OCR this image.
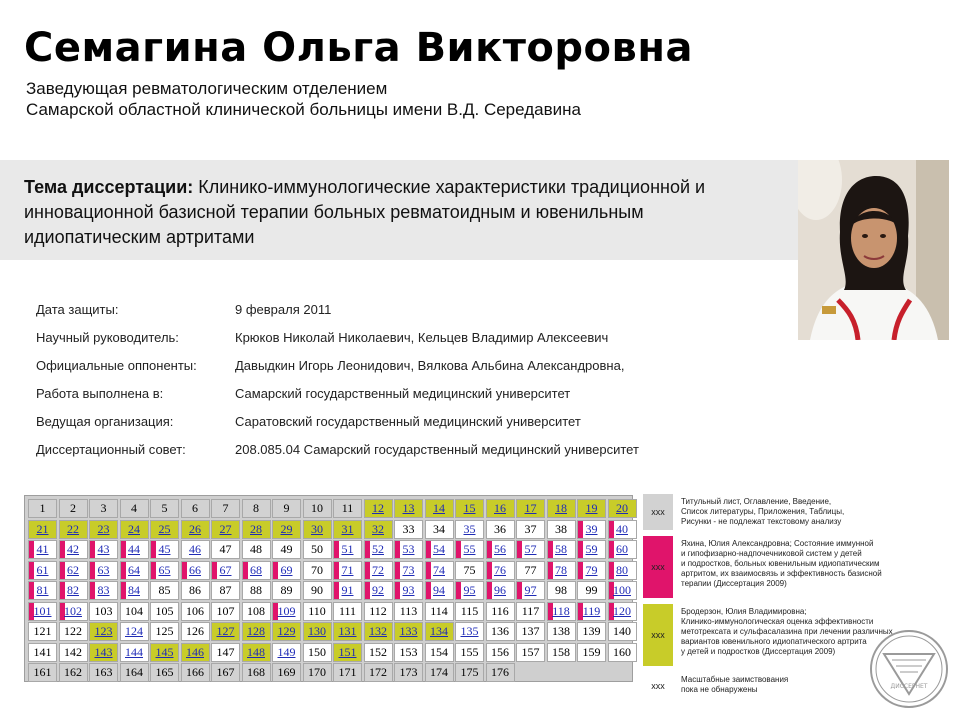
Семагина Ольга Викторовна
Заведующая ревматологическим отделением
Самарской областной клинической больницы имени В.Д. Середавина
Тема диссертации: Клинико-иммунологические характеристики традиционной и инновационной базисной терапии больных ревматоидным и ювенильным идиопатическим артритами
Дата защиты:	9 февраля 2011
Научный руководитель:	Крюков Николай Николаевич, Кельцев Владимир Алексеевич
Официальные оппоненты:	Давыдкин Игорь Леонидович, Вялкова Альбина Александровна,
Работа выполнена в:	Самарский государственный медицинский университет
Ведущая организация:	Саратовский государственный медицинский университет
Диссертационный совет:	208.085.04 Самарский государственный медицинский университет
1	2	3	4	5	6	7	8	9	10	11	12	13	14	15	16	17	18	19	20
21	22	23	24	25	26	27	28	29	30	31	32	33	34	35	36	37	38	39	40
41	42	43	44	45	46	47	48	49	50	51	52	53	54	55	56	57	58	59	60
61	62	63	64	65	66	67	68	69	70	71	72	73	74	75	76	77	78	79	80
81	82	83	84	85	86	87	88	89	90	91	92	93	94	95	96	97	98	99	100
101	102	103	104	105	106	107	108	109	110	111	112	113	114	115	116	117	118	119	120
121	122	123	124	125	126	127	128	129	130	131	132	133	134	135	136	137	138	139	140
141	142	143	144	145	146	147	148	149	150	151	152	153	154	155	156	157	158	159	160
161	162	163	164	165	166	167	168	169	170	171	172	173	174	175	176
xxx
Титульный лист, Оглавление, Введение,
Список литературы, Приложения, Таблицы,
Рисунки - не подлежат текстовому анализу
xxx
Яхина, Юлия Александровна; Состояние иммунной
и гипофизарно-надпочечниковой систем у детей
и подростков, больных ювенильным идиопатическим
артритом, их взаимосвязь и эффективность базисной
терапии (Диссертация 2009)
xxx
Бродерзон, Юлия Владимировна;
Клинико-иммунологическая оценка эффективности
метотрексата и сульфасалазина при лечении различных
вариантов ювенильного идиопатического артрита
у детей и подростков (Диссертация 2009)
xxx
Масштабные заимствования
пока не обнаружены	ДИССЕРНЕТ
